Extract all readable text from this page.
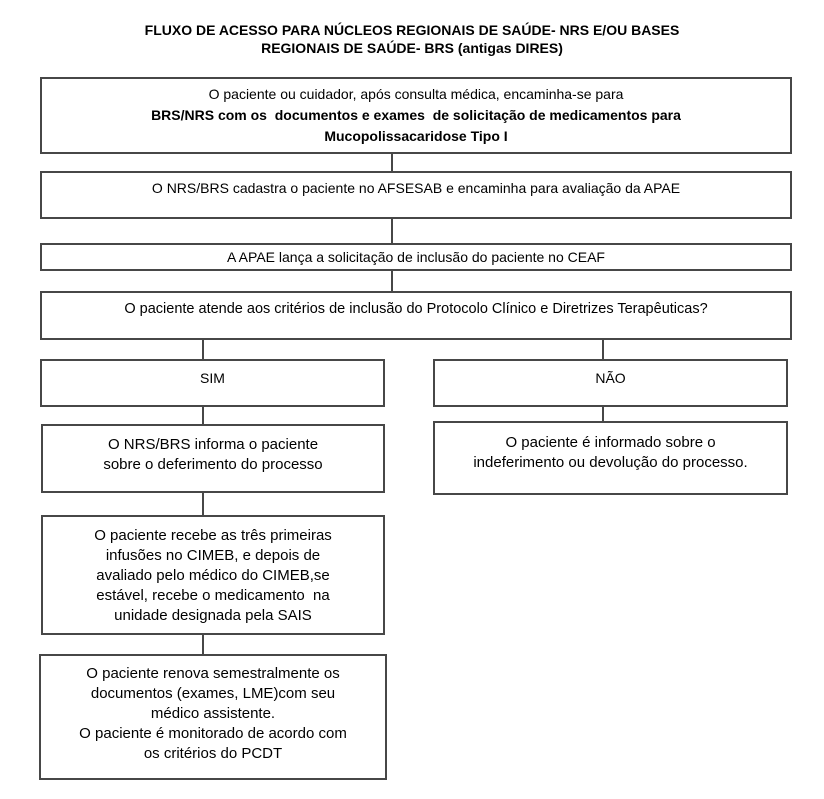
FLUXO DE ACESSO PARA NÚCLEOS REGIONAIS DE SAÚDE- NRS E/OU BASES
REGIONAIS DE SAÚDE- BRS (antigas DIRES)
O paciente ou cuidador, após consulta médica, encaminha-se para
BRS/NRS com os  documentos e exames  de solicitação de medicamentos para
Mucopolissacaridose Tipo I
O NRS/BRS cadastra o paciente no AFSESAB e encaminha para avaliação da APAE
A APAE lança a solicitação de inclusão do paciente no CEAF
O paciente atende aos critérios de inclusão do Protocolo Clínico e Diretrizes Terapêuticas?
SIM	NÃO
O NRS/BRS informa o paciente
sobre o deferimento do processo
O paciente é informado sobre o
indeferimento ou devolução do processo.
O paciente recebe as três primeiras
infusões no CIMEB, e depois de
avaliado pelo médico do CIMEB,se
estável, recebe o medicamento  na
unidade designada pela SAIS
O paciente renova semestralmente os
documentos (exames, LME)com seu
médico assistente.
O paciente é monitorado de acordo com
os critérios do PCDT
